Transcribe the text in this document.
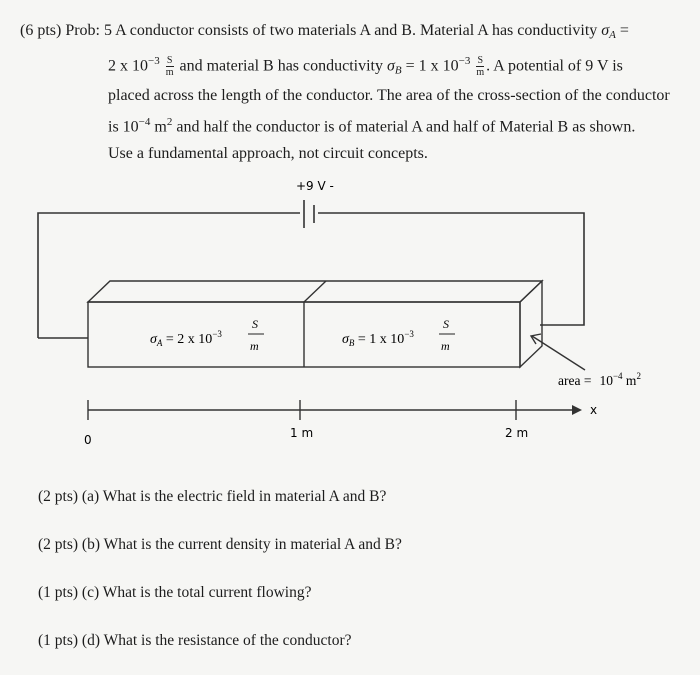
(6 pts) Prob: 5 A conductor consists of two materials A and B. Material A has conductivity $\sigma_A$ =
2 x $10^{-3} \frac{S}{m}$ and material B has conductivity $\sigma_B = 1$ x $10^{-3} \frac{S}{m}$ . A potential of 9 V is
placed across the length of the conductor. The area of the cross-section of the conductor
is $10^{-4}$ $m^2$ and half the conductor is of material A and half of Material B as shown.
Use a fundamental approach, not circuit concepts.
+9 V -
$\sigma_A = 2$ x $10^{-3}$
S
m	$\sigma_B = 1$ x $10^{-3}$
S
m
area = $10^{-4}$ $m^2$
0	1 m	2 m
x
(2 pts) (a) What is the electric field in material A and B?
(2 pts) (b) What is the current density in material A and B?
(1 pts) (c) What is the total current flowing?
(1 pts) (d) What is the resistance of the conductor?
